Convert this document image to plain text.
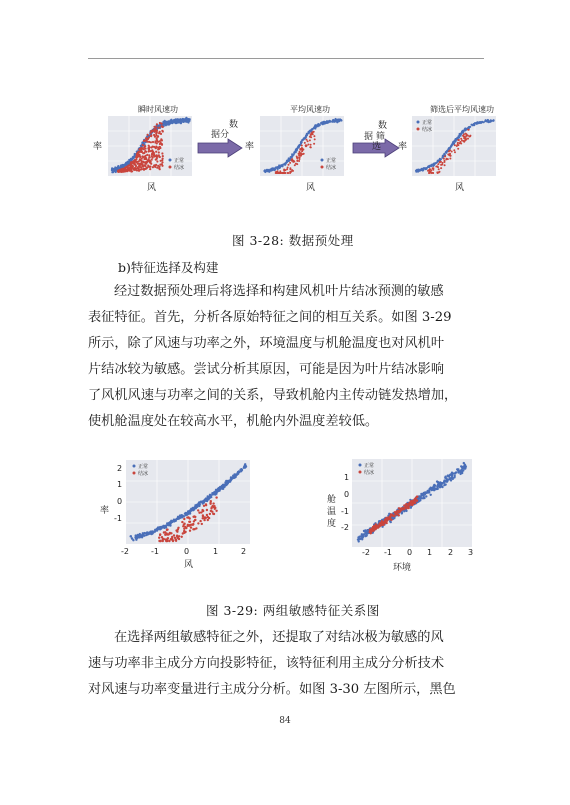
瞬时风速功	平均风速功	筛选后平均风速功
率	率	率
风	风	风
正常
结冰
正常
结冰
正常
结冰
数
据分
数
据 筛
选
图 3-28: 数据预处理
b)特征选择及构建
经过数据预处理后将选择和构建风机叶片结冰预测的敏感
表征特征。首先，分析各原始特征之间的相互关系。如图 3-29
所示，除了风速与功率之外，环境温度与机舱温度也对风机叶
片结冰较为敏感。尝试分析其原因，可能是因为叶片结冰影响
了风机风速与功率之间的关系，导致机舱内主传动链发热增加，
使机舱温度处在较高水平，机舱内外温度差较低。
率
风
2
1
0
-1
-2	-1	0	1	2
正常
结冰
舱
温
度
环境
1
0
-1
-2
-2 -1 0 1 2 3
正常
结冰
图 3-29: 两组敏感特征关系图
在选择两组敏感特征之外，还提取了对结冰极为敏感的风
速与功率非主成分方向投影特征，该特征利用主成分分析技术
对风速与功率变量进行主成分分析。如图 3-30 左图所示，黑色
84
